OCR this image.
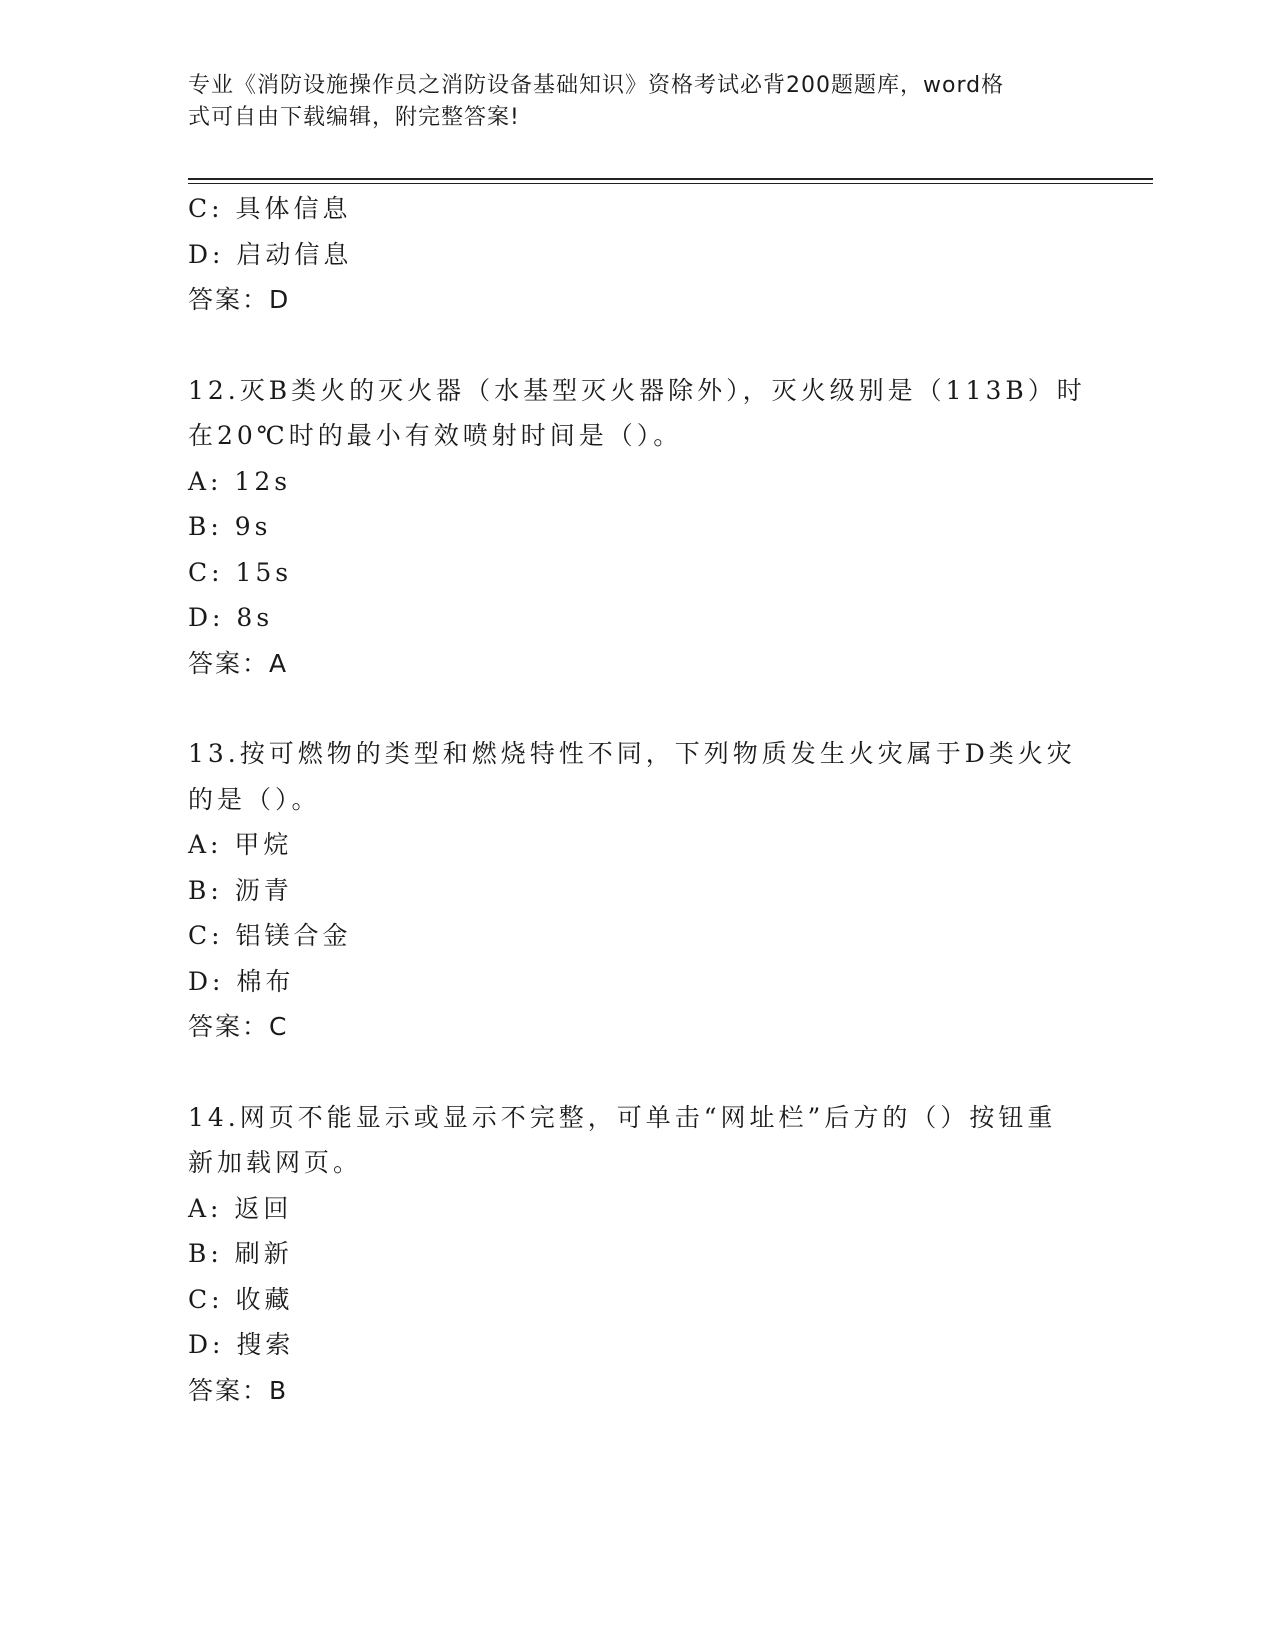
专业《消防设施操作员之消防设备基础知识》资格考试必背200题题库，word格
式可自由下载编辑，附完整答案!
C: 具体信息
D: 启动信息
答案：D
12.灭B类火的灭火器（水基型灭火器除外），灭火级别是（113B）时
在20℃时的最小有效喷射时间是（）。
A: 12s
B: 9s
C: 15s
D: 8s
答案：A
13.按可燃物的类型和燃烧特性不同，下列物质发生火灾属于D类火灾
的是（）。
A: 甲烷
B: 沥青
C: 铝镁合金
D: 棉布
答案：C
14.网页不能显示或显示不完整，可单击“网址栏”后方的（）按钮重
新加载网页。
A: 返回
B: 刷新
C: 收藏
D: 搜索
答案：B
